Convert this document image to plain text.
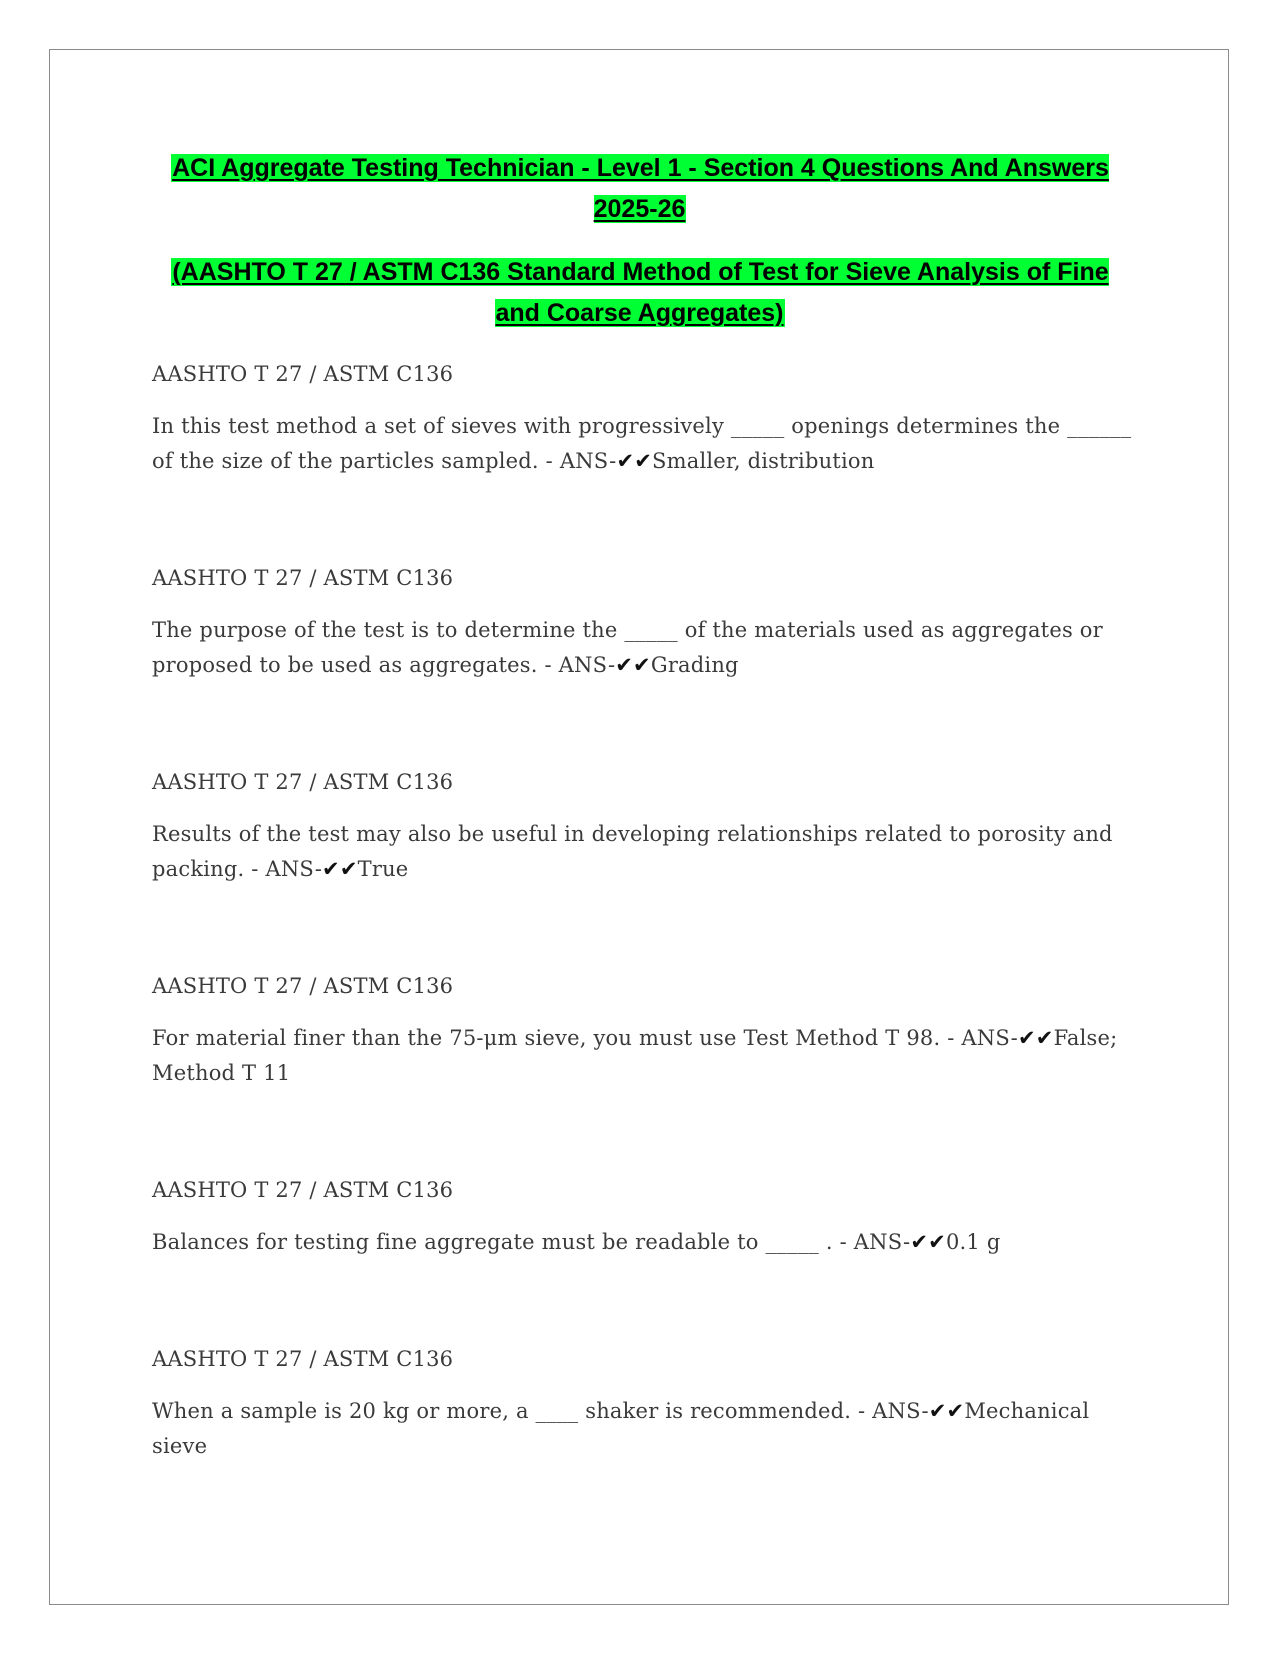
ACI Aggregate Testing Technician - Level 1 - Section 4 Questions And Answers 2025-26
(AASHTO T 27 / ASTM C136 Standard Method of Test for Sieve Analysis of Fine and Coarse Aggregates)

AASHTO T 27 / ASTM C136

In this test method a set of sieves with progressively _____ openings determines the ______ of the size of the particles sampled. - ANS-✔✔Smaller, distribution

AASHTO T 27 / ASTM C136

The purpose of the test is to determine the _____ of the materials used as aggregates or proposed to be used as aggregates. - ANS-✔✔Grading

AASHTO T 27 / ASTM C136

Results of the test may also be useful in developing relationships related to porosity and packing. - ANS-✔✔True

AASHTO T 27 / ASTM C136

For material finer than the 75-μm sieve, you must use Test Method T 98. - ANS-✔✔False; Method T 11

AASHTO T 27 / ASTM C136

Balances for testing fine aggregate must be readable to _____ . - ANS-✔✔0.1 g

AASHTO T 27 / ASTM C136

When a sample is 20 kg or more, a ____ shaker is recommended. - ANS-✔✔Mechanical sieve
